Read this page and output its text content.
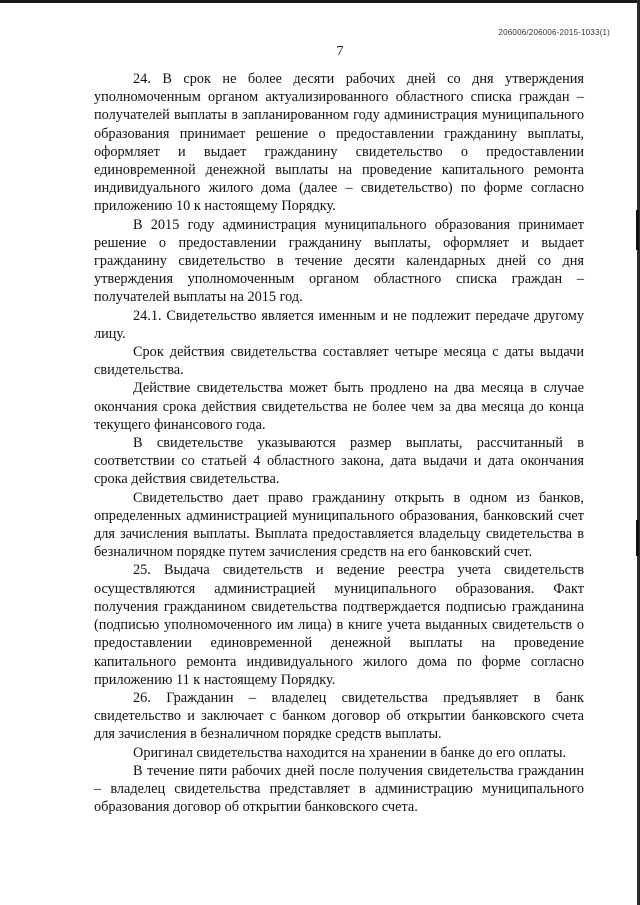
206006/206006-2015-1033(1)
7

24. В срок не более десяти рабочих дней со дня утверждения уполномоченным органом актуализированного областного списка граждан – получателей выплаты в запланированном году администрация муниципального образования принимает решение о предоставлении гражданину выплаты, оформляет и выдает гражданину свидетельство о предоставлении единовременной денежной выплаты на проведение капитального ремонта индивидуального жилого дома (далее – свидетельство) по форме согласно приложению 10 к настоящему Порядку.

В 2015 году администрация муниципального образования принимает решение о предоставлении гражданину выплаты, оформляет и выдает гражданину свидетельство в течение десяти календарных дней со дня утверждения уполномоченным органом областного списка граждан – получателей выплаты на 2015 год.

24.1. Свидетельство является именным и не подлежит передаче другому лицу.

Срок действия свидетельства составляет четыре месяца с даты выдачи свидетельства.

Действие свидетельства может быть продлено на два месяца в случае окончания срока действия свидетельства не более чем за два месяца до конца текущего финансового года.

В свидетельстве указываются размер выплаты, рассчитанный в соответствии со статьей 4 областного закона, дата выдачи и дата окончания срока действия свидетельства.

Свидетельство дает право гражданину открыть в одном из банков, определенных администрацией муниципального образования, банковский счет для зачисления выплаты. Выплата предоставляется владельцу свидетельства в безналичном порядке путем зачисления средств на его банковский счет.

25. Выдача свидетельств и ведение реестра учета свидетельств осуществляются администрацией муниципального образования. Факт получения гражданином свидетельства подтверждается подписью гражданина (подписью уполномоченного им лица) в книге учета выданных свидетельств о предоставлении единовременной денежной выплаты на проведение капитального ремонта индивидуального жилого дома по форме согласно приложению 11 к настоящему Порядку.

26. Гражданин – владелец свидетельства предъявляет в банк свидетельство и заключает с банком договор об открытии банковского счета для зачисления в безналичном порядке средств выплаты.

Оригинал свидетельства находится на хранении в банке до его оплаты.

В течение пяти рабочих дней после получения свидетельства гражданин – владелец свидетельства представляет в администрацию муниципального образования договор об открытии банковского счета.
